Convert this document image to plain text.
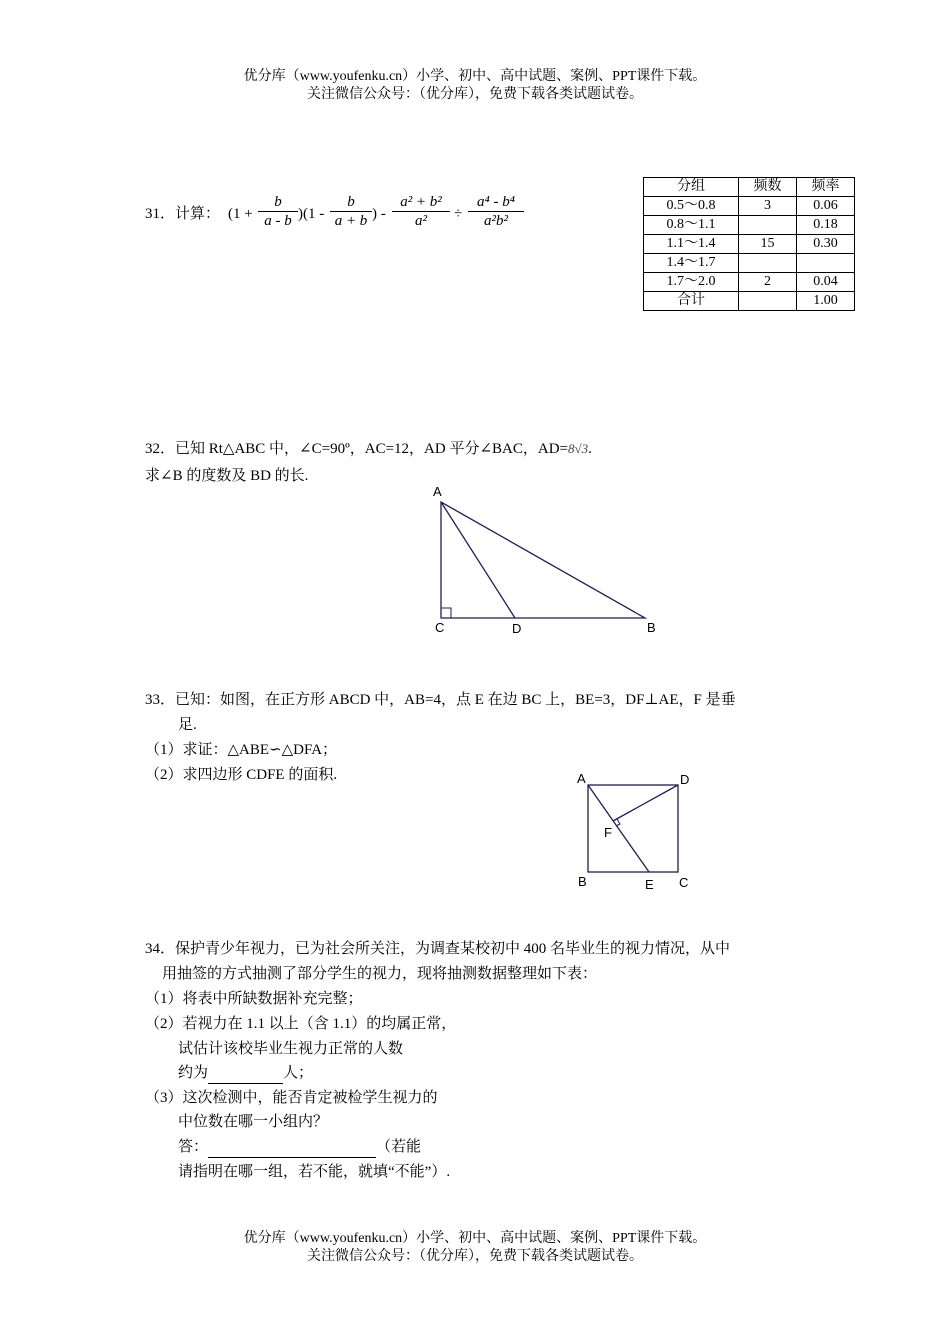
优分库（www.youfenku.cn）小学、初中、高中试题、案例、PPT课件下载。
关注微信公众号：（优分库），免费下载各类试题试卷。
31．计算： (1 +
b
a - b )(1 -
b
a + b ) -
a² + b²
a²	÷
a⁴ - b⁴
a²b²
分组	频数	频率
0.5～0.8	3	0.06
0.8～1.1		0.18
1.1～1.4	15	0.30
1.4～1.7		
1.7～2.0	2	0.04
合计		1.00
32．已知 Rt△ABC 中，∠C=90º，AC=12，AD 平分∠BAC，AD=8√3.
求∠B 的度数及 BD 的长.
A
C	D	B
33．已知：如图，在正方形 ABCD 中，AB=4，点 E 在边 BC 上，BE=3，DF⊥AE，F 是垂
足.
（1）求证：△ABE∽△DFA；
（2）求四边形 CDFE 的面积.	A	D
F
B	E C
34．保护青少年视力，已为社会所关注，为调查某校初中 400 名毕业生的视力情况，从中
用抽签的方式抽测了部分学生的视力，现将抽测数据整理如下表：
（1）将表中所缺数据补充完整；
（2）若视力在 1.1 以上（含 1.1）的均属正常，
试估计该校毕业生视力正常的人数
约为	人；
（3）这次检测中，能否肯定被检学生视力的
中位数在哪一小组内？
答：	（若能
请指明在哪一组，若不能，就填“不能”）.
优分库（www.youfenku.cn）小学、初中、高中试题、案例、PPT课件下载。
关注微信公众号：（优分库），免费下载各类试题试卷。
